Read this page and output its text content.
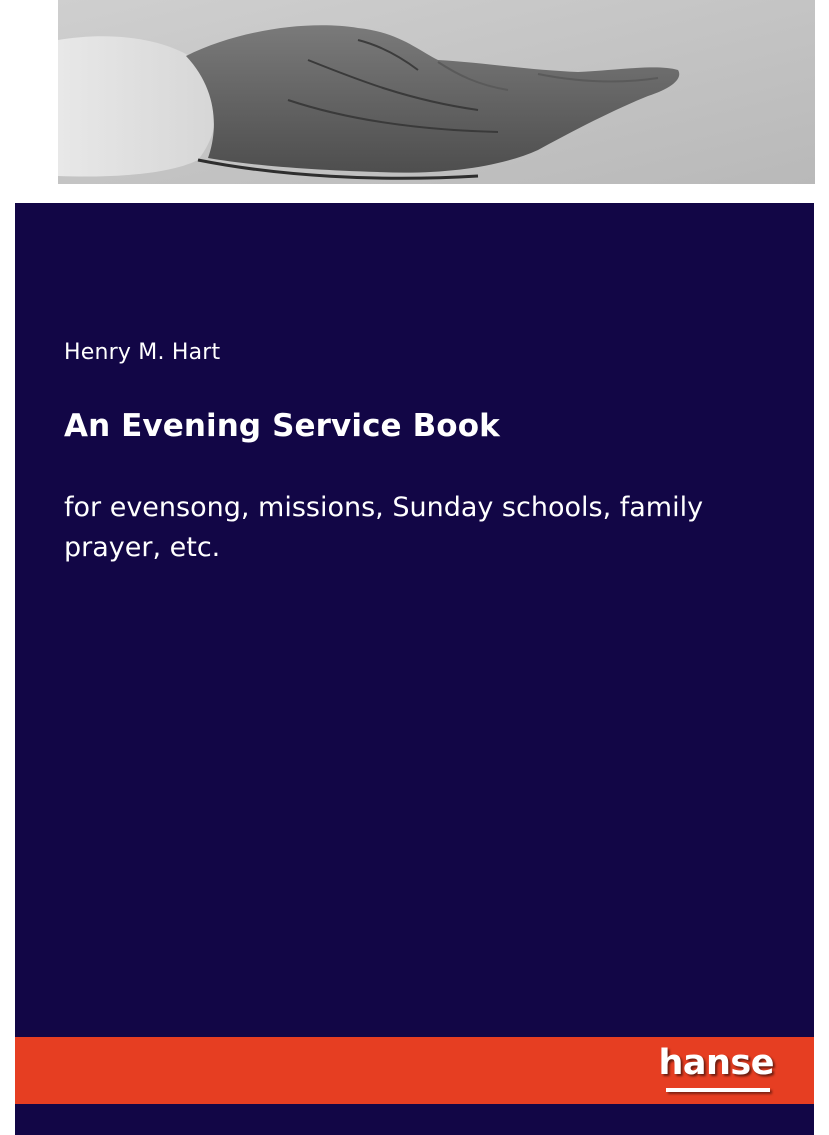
Henry M. Hart

An Evening Service Book

for evensong, missions, Sunday schools, family prayer, etc.

hanse
